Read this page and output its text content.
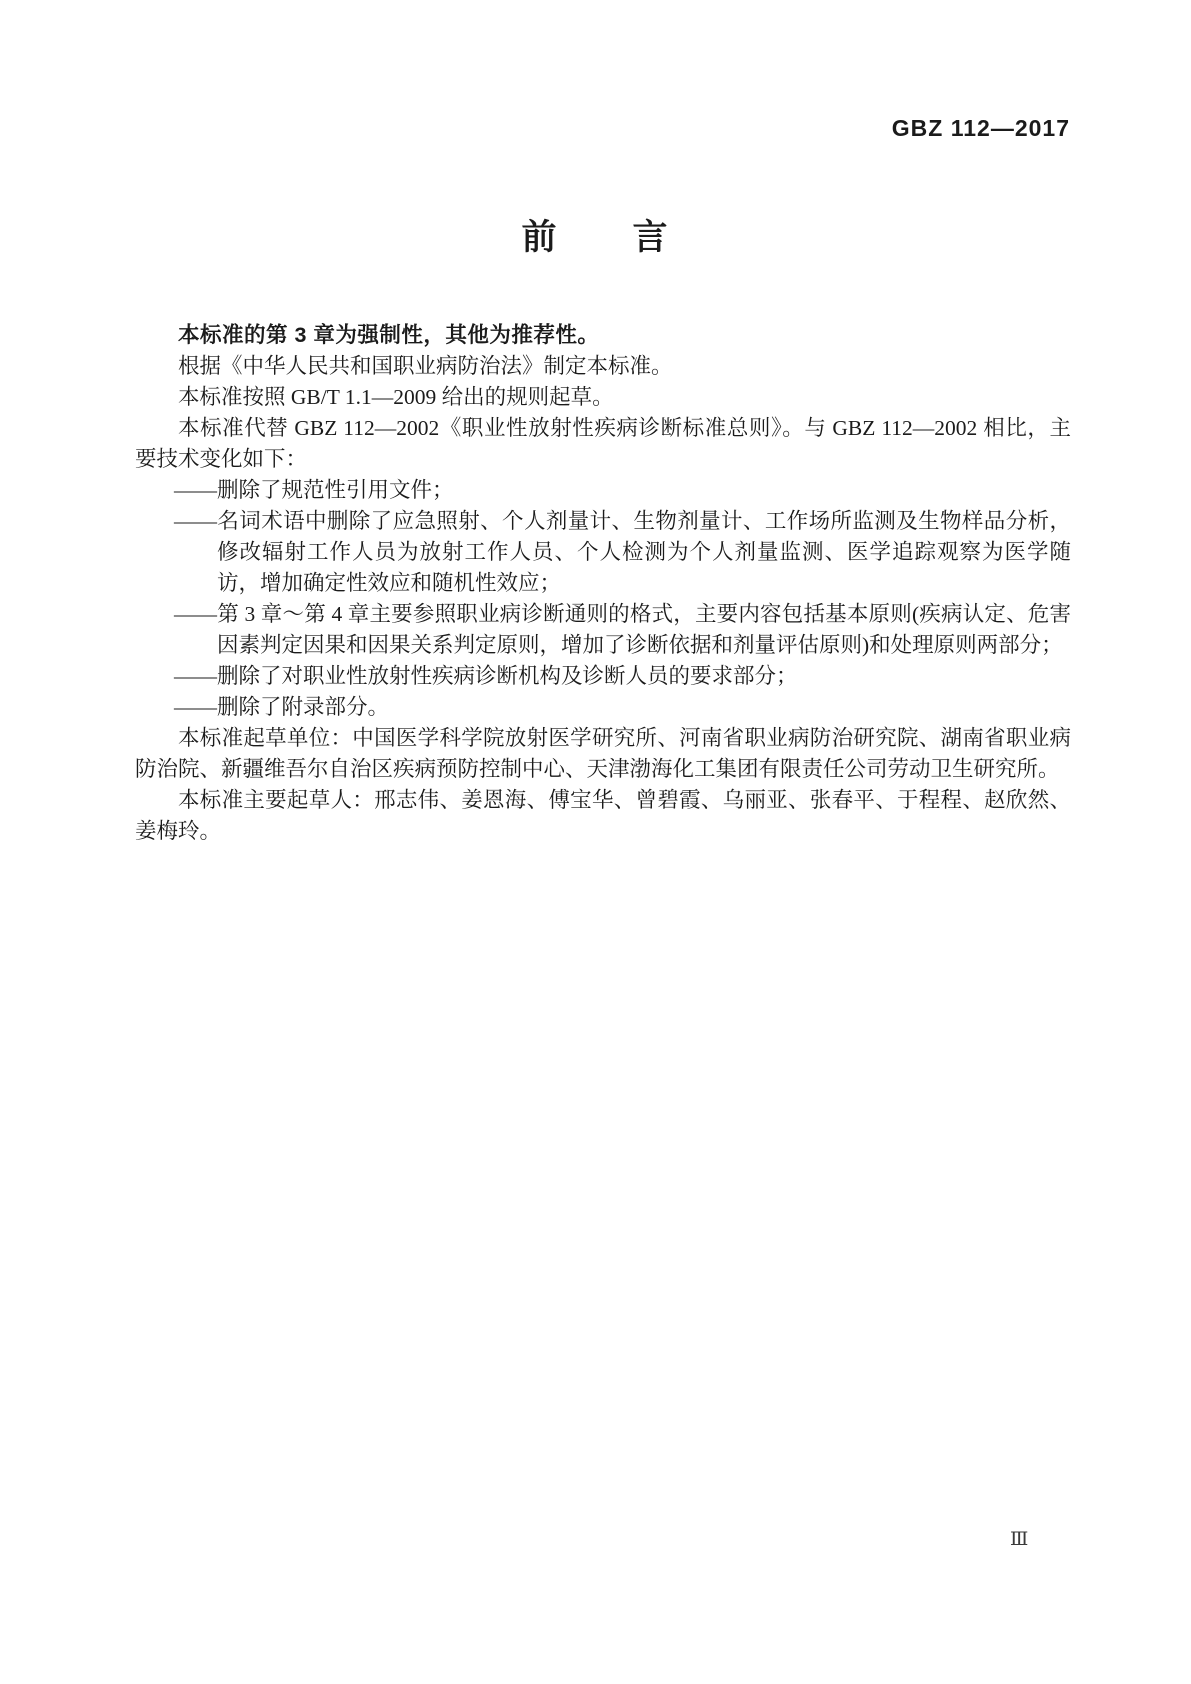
GBZ 112—2017
前　　言

本标准的第 3 章为强制性，其他为推荐性。

根据《中华人民共和国职业病防治法》制定本标准。

本标准按照 GB/T 1.1—2009 给出的规则起草。

本标准代替 GBZ 112—2002《职业性放射性疾病诊断标准总则》。与 GBZ 112—2002 相比，主要技术变化如下：

——删除了规范性引用文件；

——名词术语中删除了应急照射、个人剂量计、生物剂量计、工作场所监测及生物样品分析，修改辐射工作人员为放射工作人员、个人检测为个人剂量监测、医学追踪观察为医学随访，增加确定性效应和随机性效应；

——第 3 章～第 4 章主要参照职业病诊断通则的格式，主要内容包括基本原则(疾病认定、危害因素判定因果和因果关系判定原则，增加了诊断依据和剂量评估原则)和处理原则两部分；

——删除了对职业性放射性疾病诊断机构及诊断人员的要求部分；

——删除了附录部分。

本标准起草单位：中国医学科学院放射医学研究所、河南省职业病防治研究院、湖南省职业病防治院、新疆维吾尔自治区疾病预防控制中心、天津渤海化工集团有限责任公司劳动卫生研究所。

本标准主要起草人：邢志伟、姜恩海、傅宝华、曾碧霞、乌丽亚、张春平、于程程、赵欣然、姜梅玲。

Ⅲ
